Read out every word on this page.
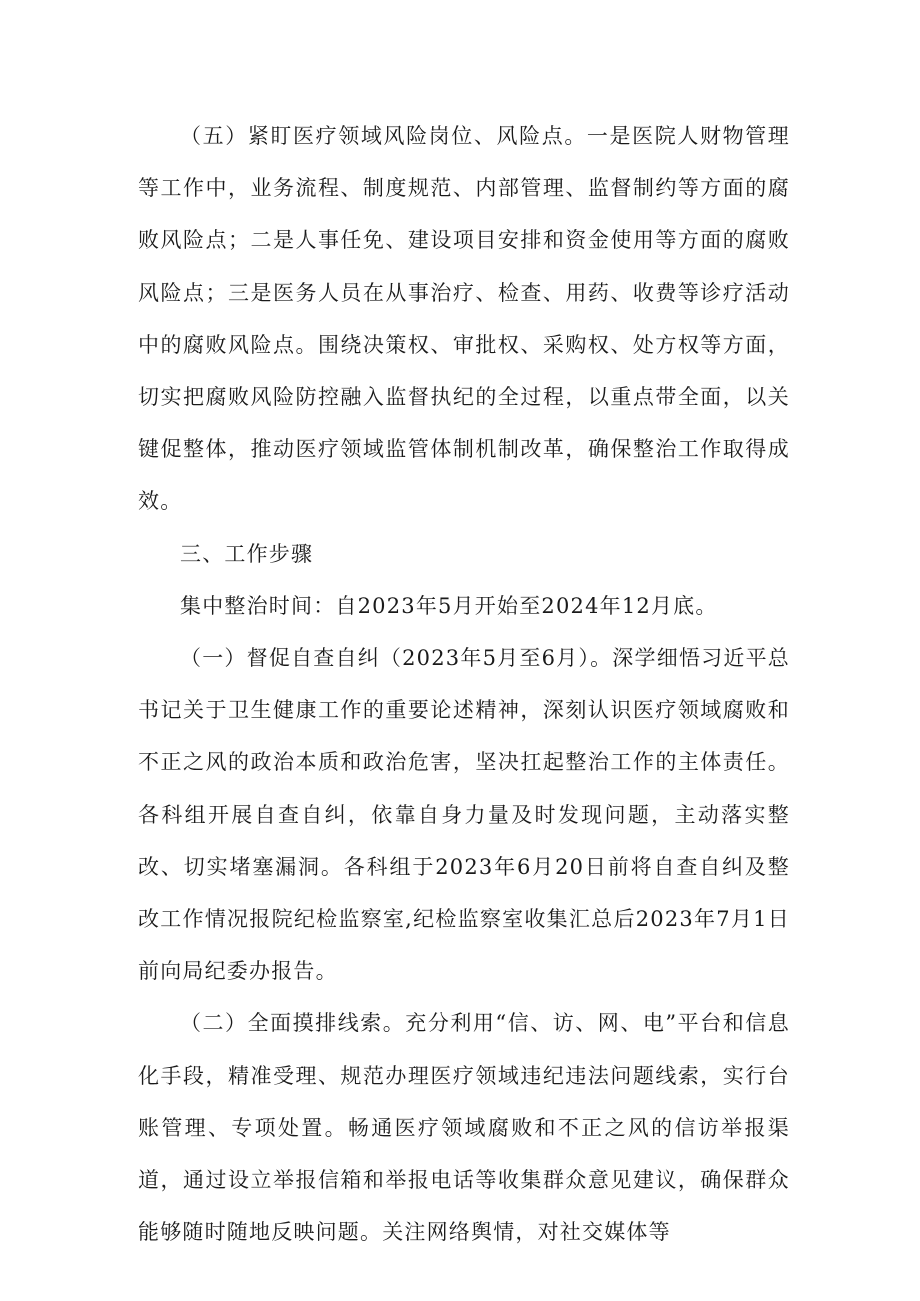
（五）紧盯医疗领域风险岗位、风险点。一是医院人财物管理等工作中，业务流程、制度规范、内部管理、监督制约等方面的腐败风险点；二是人事任免、建设项目安排和资金使用等方面的腐败风险点；三是医务人员在从事治疗、检查、用药、收费等诊疗活动中的腐败风险点。围绕决策权、审批权、采购权、处方权等方面，切实把腐败风险防控融入监督执纪的全过程，以重点带全面，以关键促整体，推动医疗领域监管体制机制改革，确保整治工作取得成效。

三、工作步骤

集中整治时间：自2023年5月开始至2024年12月底。

（一）督促自查自纠（2023年5月至6月）。深学细悟习近平总书记关于卫生健康工作的重要论述精神，深刻认识医疗领域腐败和不正之风的政治本质和政治危害，坚决扛起整治工作的主体责任。各科组开展自查自纠，依靠自身力量及时发现问题，主动落实整改、切实堵塞漏洞。各科组于2023年6月20日前将自查自纠及整改工作情况报院纪检监察室,纪检监察室收集汇总后2023年7月1日前向局纪委办报告。

（二）全面摸排线索。充分利用“信、访、网、电”平台和信息化手段，精准受理、规范办理医疗领域违纪违法问题线索，实行台账管理、专项处置。畅通医疗领域腐败和不正之风的信访举报渠道，通过设立举报信箱和举报电话等收集群众意见建议，确保群众能够随时随地反映问题。关注网络舆情，对社交媒体等
